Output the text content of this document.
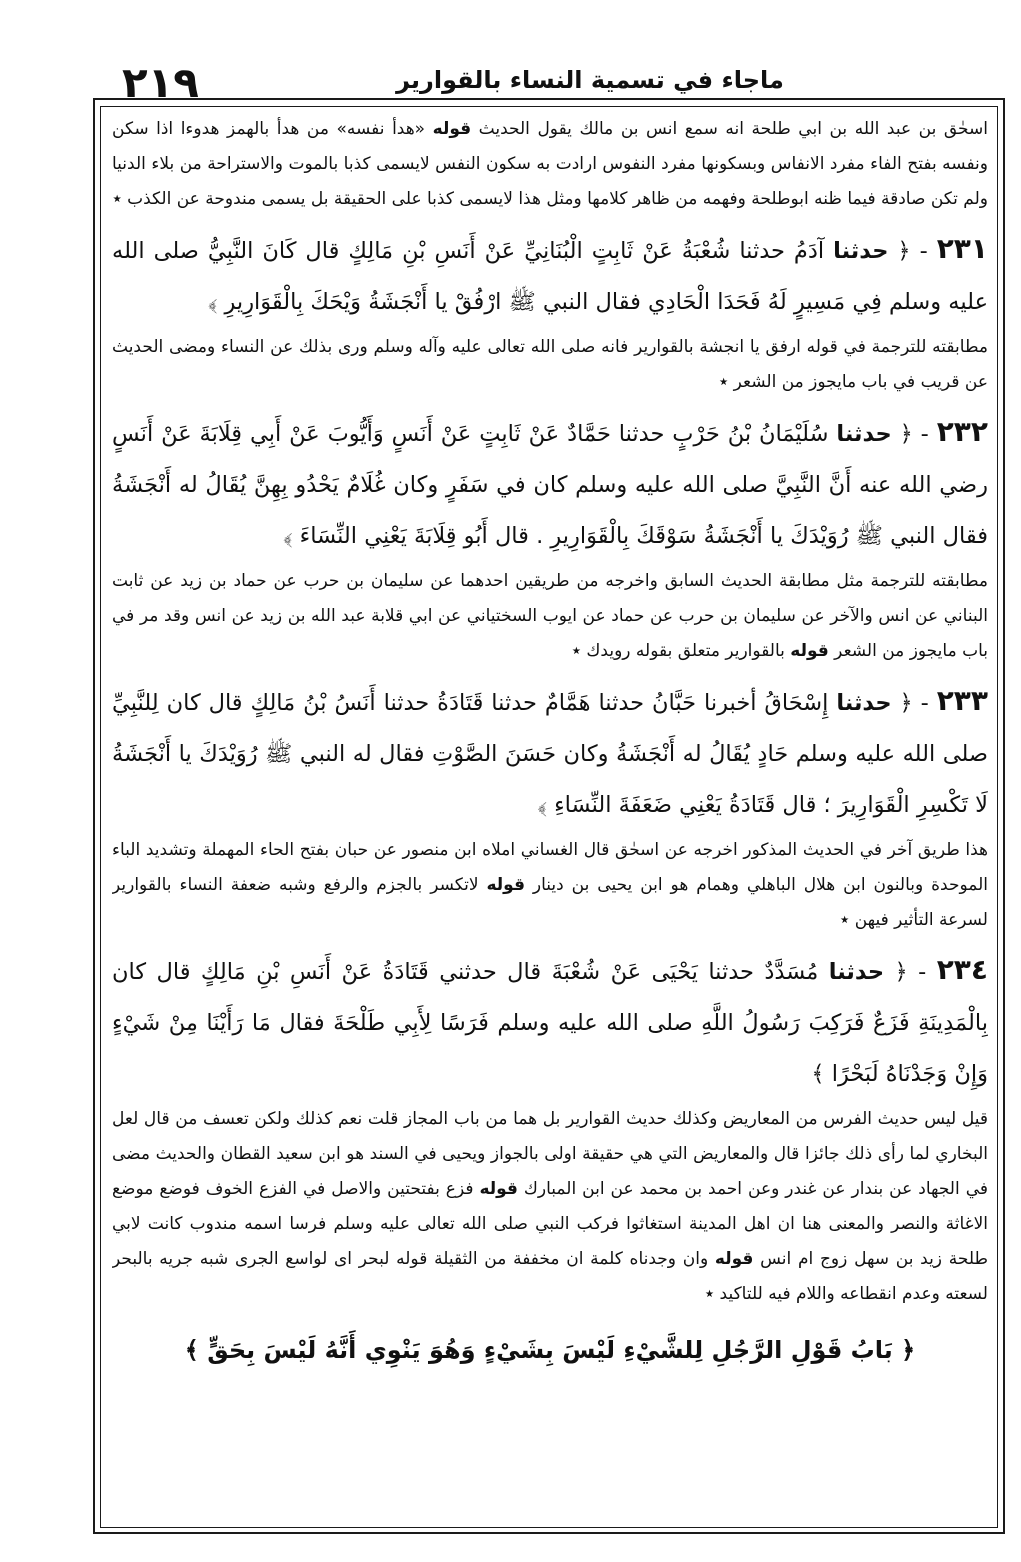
٢١٩	ماجاء في تسمية النساء بالقوارير

اسحٰق بن عبد الله بن ابي طلحة انه سمع انس بن مالك يقول الحديث قوله «هدأ نفسه» من هدأ بالهمز هدوءا اذا سكن ونفسه بفتح الفاء مفرد الانفاس وبسكونها مفرد النفوس ارادت به سكون النفس لايسمى كذبا بالموت والاستراحة من بلاء الدنيا ولم تكن صادقة فيما ظنه ابوطلحة وفهمه من ظاهر كلامها ومثل هذا لايسمى كذبا على الحقيقة بل يسمى مندوحة عن الكذب ٭

٢٣١ - ﴿ حدثنا آدَمُ حدثنا شُعْبَةُ عَنْ ثَابِتٍ الْبُنَانِيِّ عَنْ أَنَسِ بْنِ مَالِكٍ قال كَانَ النَّبِيُّ صلى الله عليه وسلم فِي مَسِيرٍ لَهُ فَحَدَا الْحَادِي فقال النبي ﷺ ارْفُقْ يا أَنْجَشَةُ وَيْحَكَ بِالْقَوَارِيرِ ﴾

مطابقته للترجمة في قوله ارفق يا انجشة بالقوارير فانه صلى الله تعالى عليه وآله وسلم ورى بذلك عن النساء ومضى الحديث عن قريب في باب مايجوز من الشعر ٭

٢٣٢ - ﴿ حدثنا سُلَيْمَانُ بْنُ حَرْبٍ حدثنا حَمَّادٌ عَنْ ثَابِتٍ عَنْ أَنَسٍ وَأَيُّوبَ عَنْ أَبِي قِلَابَةَ عَنْ أَنَسٍ رضي الله عنه أَنَّ النَّبِيَّ صلى الله عليه وسلم كان في سَفَرٍ وكان غُلَامٌ يَحْدُو بِهِنَّ يُقَالُ له أَنْجَشَةُ فقال النبي ﷺ رُوَيْدَكَ يا أَنْجَشَةُ سَوْقَكَ بِالْقَوَارِيرِ . قال أَبُو قِلَابَةَ يَعْنِي النِّسَاءَ ﴾

مطابقته للترجمة مثل مطابقة الحديث السابق واخرجه من طريقين احدهما عن سليمان بن حرب عن حماد بن زيد عن ثابت البناني عن انس والآخر عن سليمان بن حرب عن حماد عن ايوب السختياني عن ابي قلابة عبد الله بن زيد عن انس وقد مر في باب مايجوز من الشعر قوله بالقوارير متعلق بقوله رويدك ٭

٢٣٣ - ﴿ حدثنا إِسْحَاقُ أخبرنا حَبَّانُ حدثنا هَمَّامٌ حدثنا قَتَادَةُ حدثنا أَنَسُ بْنُ مَالِكٍ قال كان لِلنَّبِيِّ صلى الله عليه وسلم حَادٍ يُقَالُ له أَنْجَشَةُ وكان حَسَنَ الصَّوْتِ فقال له النبي ﷺ رُوَيْدَكَ يا أَنْجَشَةُ لَا تَكْسِرِ الْقَوَارِيرَ ؛ قال قَتَادَةُ يَعْنِي ضَعَفَةَ النِّسَاءِ ﴾

هذا طريق آخر في الحديث المذكور اخرجه عن اسحٰق قال الغساني املاه ابن منصور عن حبان بفتح الحاء المهملة وتشديد الباء الموحدة وبالنون ابن هلال الباهلي وهمام هو ابن يحيى بن دينار قوله لاتكسر بالجزم والرفع وشبه ضعفة النساء بالقوارير لسرعة التأثير فيهن ٭

٢٣٤ - ﴿ حدثنا مُسَدَّدٌ حدثنا يَحْيَى عَنْ شُعْبَةَ قال حدثني قَتَادَةُ عَنْ أَنَسِ بْنِ مَالِكٍ قال كان بِالْمَدِينَةِ فَزَعٌ فَرَكِبَ رَسُولُ اللَّهِ صلى الله عليه وسلم فَرَسًا لِأَبِي طَلْحَةَ فقال مَا رَأَيْنَا مِنْ شَيْءٍ وَإِنْ وَجَدْنَاهُ لَبَحْرًا ﴾

قيل ليس حديث الفرس من المعاريض وكذلك حديث القوارير بل هما من باب المجاز قلت نعم كذلك ولكن تعسف من قال لعل البخاري لما رأى ذلك جائزا قال والمعاريض التي هي حقيقة اولى بالجواز ويحيى في السند هو ابن سعيد القطان والحديث مضى في الجهاد عن بندار عن غندر وعن احمد بن محمد عن ابن المبارك قوله فزع بفتحتين والاصل في الفزع الخوف فوضع موضع الاغاثة والنصر والمعنى هنا ان اهل المدينة استغاثوا فركب النبي صلى الله تعالى عليه وسلم فرسا اسمه مندوب كانت لابي طلحة زيد بن سهل زوج ام انس قوله وان وجدناه كلمة ان مخففة من الثقيلة قوله لبحر اى لواسع الجرى شبه جريه بالبحر لسعته وعدم انقطاعه واللام فيه للتاكيد ٭

﴿ بَابُ قَوْلِ الرَّجُلِ لِلشَّيْءِ لَيْسَ بِشَيْءٍ وَهُوَ يَنْوِي أَنَّهُ لَيْسَ بِحَقٍّ ﴾
